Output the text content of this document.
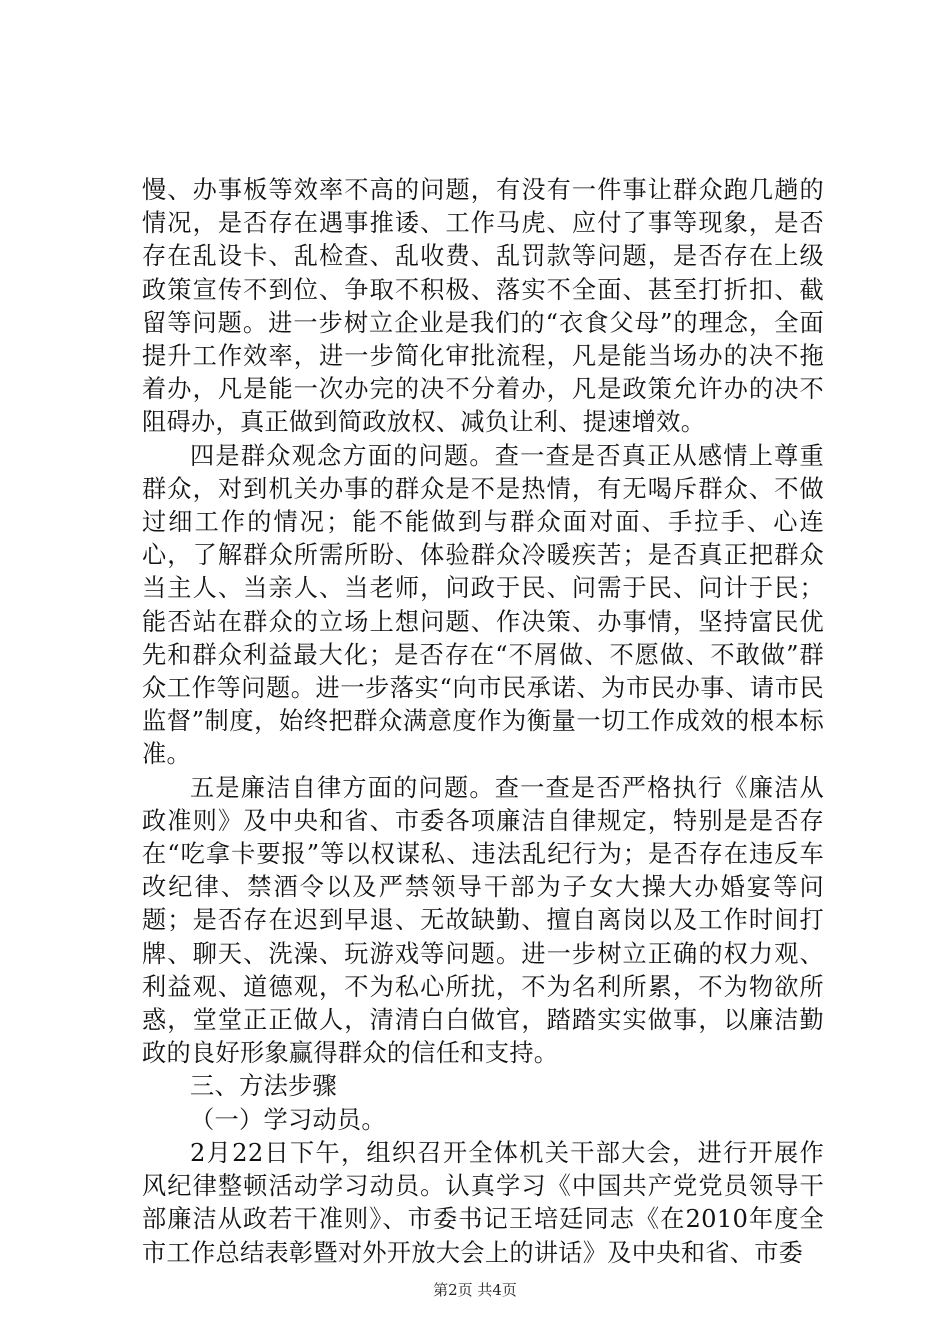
慢、办事板等效率不高的问题，有没有一件事让群众跑几趟的情况，是否存在遇事推诿、工作马虎、应付了事等现象，是否存在乱设卡、乱检查、乱收费、乱罚款等问题，是否存在上级政策宣传不到位、争取不积极、落实不全面、甚至打折扣、截留等问题。进一步树立企业是我们的“衣食父母”的理念，全面提升工作效率，进一步简化审批流程，凡是能当场办的决不拖着办，凡是能一次办完的决不分着办，凡是政策允许办的决不阻碍办，真正做到简政放权、减负让利、提速增效。

四是群众观念方面的问题。查一查是否真正从感情上尊重群众，对到机关办事的群众是不是热情，有无喝斥群众、不做过细工作的情况；能不能做到与群众面对面、手拉手、心连心，了解群众所需所盼、体验群众冷暖疾苦；是否真正把群众当主人、当亲人、当老师，问政于民、问需于民、问计于民；能否站在群众的立场上想问题、作决策、办事情，坚持富民优先和群众利益最大化；是否存在“不屑做、不愿做、不敢做”群众工作等问题。进一步落实“向市民承诺、为市民办事、请市民监督”制度，始终把群众满意度作为衡量一切工作成效的根本标准。

五是廉洁自律方面的问题。查一查是否严格执行《廉洁从政准则》及中央和省、市委各项廉洁自律规定，特别是是否存在“吃拿卡要报”等以权谋私、违法乱纪行为；是否存在违反车改纪律、禁酒令以及严禁领导干部为子女大操大办婚宴等问题；是否存在迟到早退、无故缺勤、擅自离岗以及工作时间打牌、聊天、洗澡、玩游戏等问题。进一步树立正确的权力观、利益观、道德观，不为私心所扰，不为名利所累，不为物欲所惑，堂堂正正做人，清清白白做官，踏踏实实做事，以廉洁勤政的良好形象赢得群众的信任和支持。

三、方法步骤

（一）学习动员。

2月22日下午，组织召开全体机关干部大会，进行开展作风纪律整顿活动学习动员。认真学习《中国共产党党员领导干部廉洁从政若干准则》、市委书记王培廷同志《在2010年度全市工作总结表彰暨对外开放大会上的讲话》及中央和省、市委

第2页 共4页
